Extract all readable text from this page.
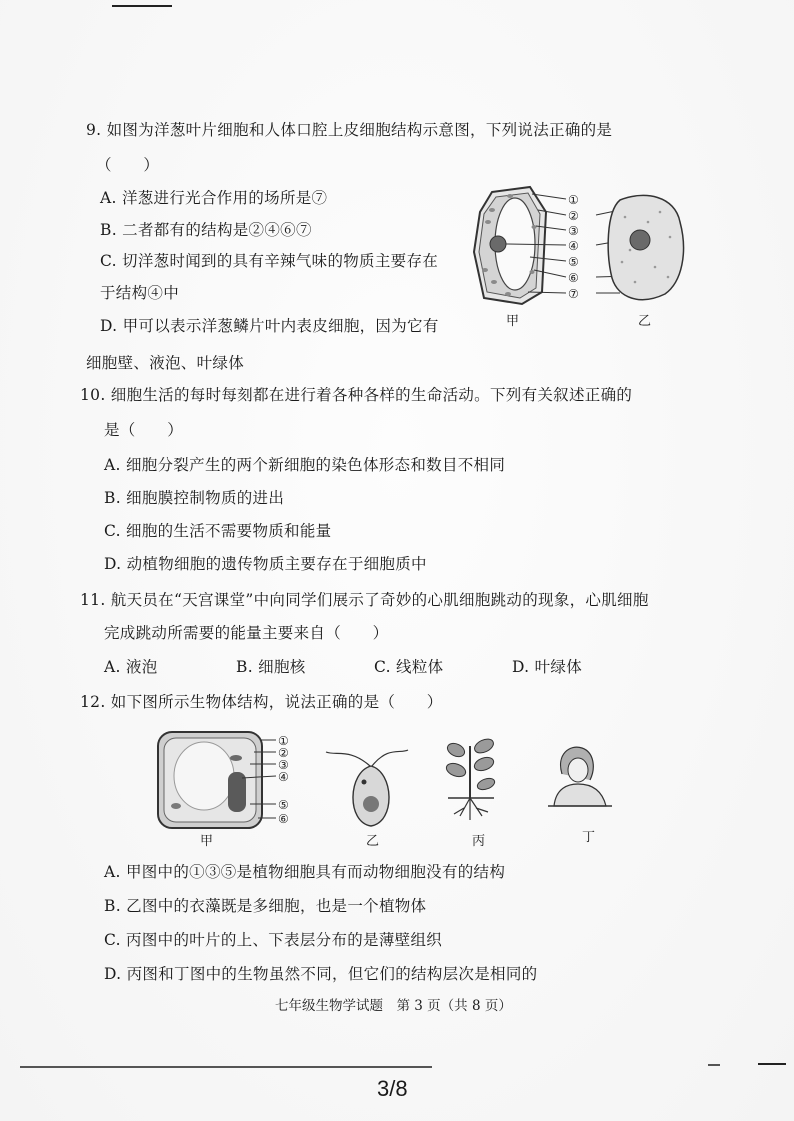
9. 如图为洋葱叶片细胞和人体口腔上皮细胞结构示意图，下列说法正确的是
（　　）
A. 洋葱进行光合作用的场所是⑦
B. 二者都有的结构是②④⑥⑦
C. 切洋葱时闻到的具有辛辣气味的物质主要存在
于结构④中
D. 甲可以表示洋葱鳞片叶内表皮细胞，因为它有
细胞壁、液泡、叶绿体
①
②
③
④
⑤
⑥
⑦
甲	乙
10. 细胞生活的每时每刻都在进行着各种各样的生命活动。下列有关叙述正确的
是（　　）
A. 细胞分裂产生的两个新细胞的染色体形态和数目不相同
B. 细胞膜控制物质的进出
C. 细胞的生活不需要物质和能量
D. 动植物细胞的遗传物质主要存在于细胞质中
11. 航天员在“天宫课堂”中向同学们展示了奇妙的心肌细胞跳动的现象，心肌细胞
完成跳动所需要的能量主要来自（　　）
A. 液泡	B. 细胞核	C. 线粒体	D. 叶绿体
12. 如下图所示生物体结构，说法正确的是（　　）
①
②
③
④
⑤
⑥
甲	乙	丙	丁
A. 甲图中的①③⑤是植物细胞具有而动物细胞没有的结构
B. 乙图中的衣藻既是多细胞，也是一个植物体
C. 丙图中的叶片的上、下表层分布的是薄壁组织
D. 丙图和丁图中的生物虽然不同，但它们的结构层次是相同的
七年级生物学试题　第 3 页（共 8 页）
3/8
